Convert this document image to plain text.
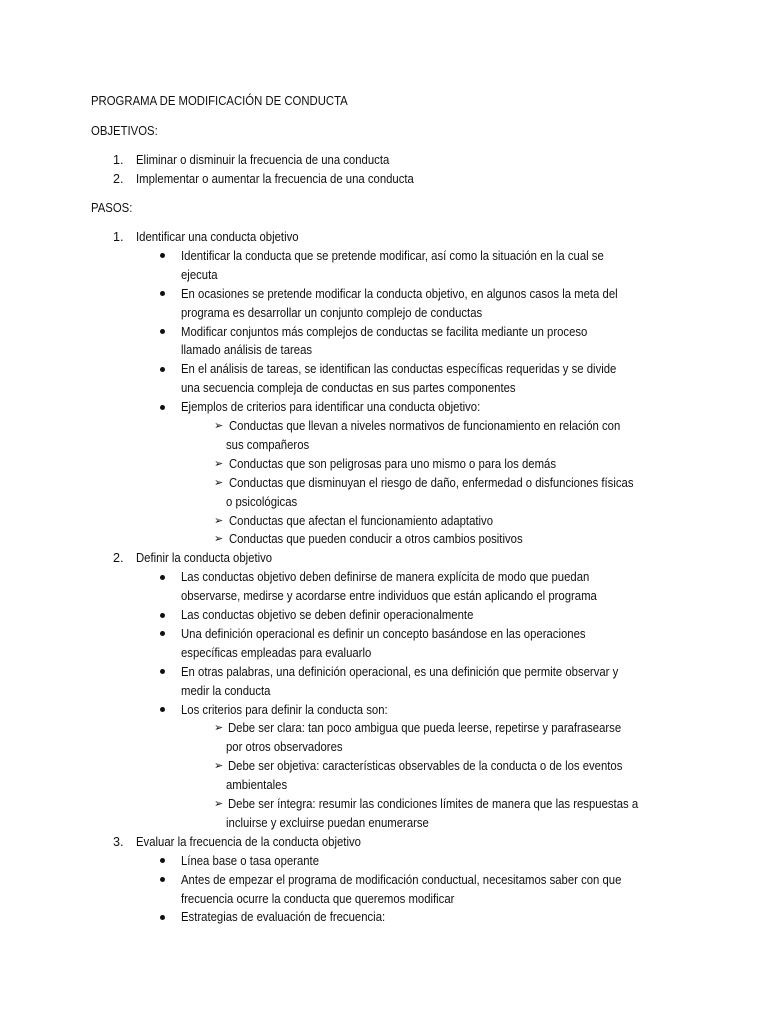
PROGRAMA DE MODIFICACIÓN DE CONDUCTA
OBJETIVOS:
1. Eliminar o disminuir la frecuencia de una conducta
2. Implementar o aumentar la frecuencia de una conducta
PASOS:
1. Identificar una conducta objetivo
Identificar la conducta que se pretende modificar, así como la situación en la cual se
ejecuta
En ocasiones se pretende modificar la conducta objetivo, en algunos casos la meta del
programa es desarrollar un conjunto complejo de conductas
Modificar conjuntos más complejos de conductas se facilita mediante un proceso
llamado análisis de tareas
En el análisis de tareas, se identifican las conductas específicas requeridas y se divide
una secuencia compleja de conductas en sus partes componentes
Ejemplos de criterios para identificar una conducta objetivo:
➢ Conductas que llevan a niveles normativos de funcionamiento en relación con
sus compañeros
➢ Conductas que son peligrosas para uno mismo o para los demás
➢ Conductas que disminuyan el riesgo de daño, enfermedad o disfunciones físicas
o psicológicas
➢ Conductas que afectan el funcionamiento adaptativo
➢ Conductas que pueden conducir a otros cambios positivos
2. Definir la conducta objetivo
Las conductas objetivo deben definirse de manera explícita de modo que puedan
observarse, medirse y acordarse entre individuos que están aplicando el programa
Las conductas objetivo se deben definir operacionalmente
Una definición operacional es definir un concepto basándose en las operaciones
específicas empleadas para evaluarlo
En otras palabras, una definición operacional, es una definición que permite observar y
medir la conducta
Los criterios para definir la conducta son:
➢ Debe ser clara: tan poco ambigua que pueda leerse, repetirse y parafrasearse
por otros observadores
➢ Debe ser objetiva: características observables de la conducta o de los eventos
ambientales
➢ Debe ser íntegra: resumir las condiciones límites de manera que las respuestas a
incluirse y excluirse puedan enumerarse
3. Evaluar la frecuencia de la conducta objetivo
Línea base o tasa operante
Antes de empezar el programa de modificación conductual, necesitamos saber con que
frecuencia ocurre la conducta que queremos modificar
Estrategias de evaluación de frecuencia:
